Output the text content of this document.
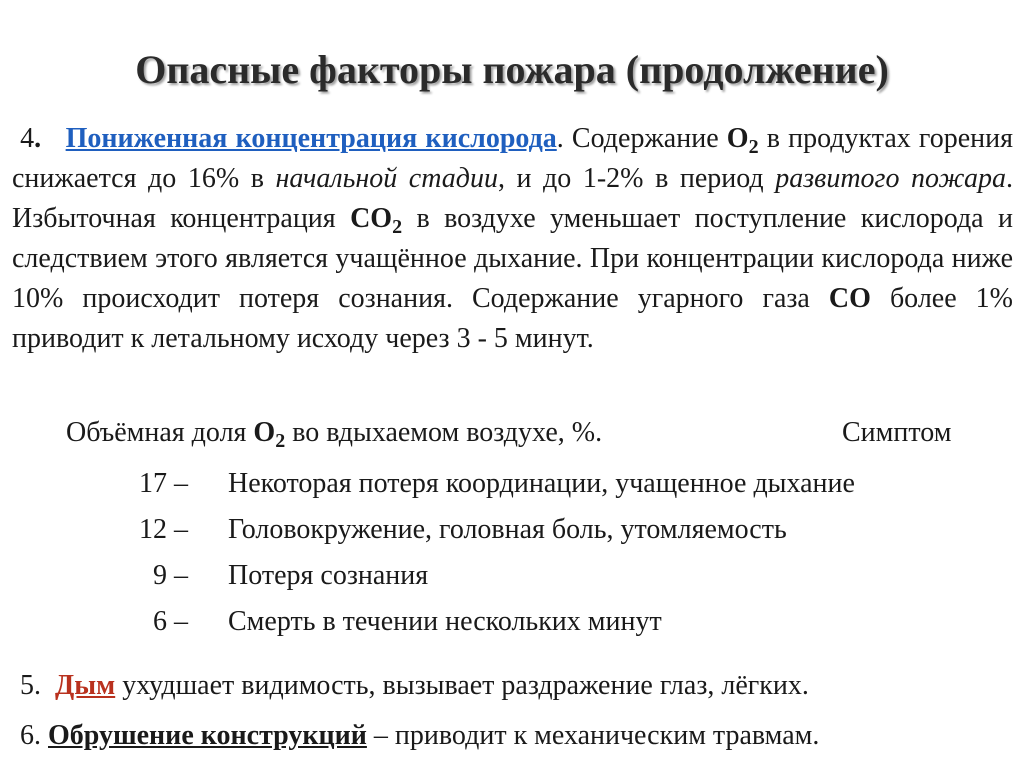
Опасные факторы пожара (продолжение)

4. Пониженная концентрация кислорода. Содержание $O_2$ в продуктах горения снижается до 16% в начальной стадии, и до 1-2% в период развитого пожара. Избыточная концентрация $CO_2$ в воздухе уменьшает поступление кислорода и следствием этого является учащённое дыхание. При концентрации кислорода ниже 10% происходит потеря сознания. Содержание угарного газа СО более 1% приводит к летальному исходу через 3 - 5 минут.

Объёмная доля $O_2$ во вдыхаемом воздухе, %.	Симптом
17 – Некоторая потеря координации, учащенное дыхание
12 – Головокружение, головная боль, утомляемость
9 – Потеря сознания
6 – Смерть в течении нескольких минут
5. Дым ухудшает видимость, вызывает раздражение глаз, лёгких.
6. Обрушение конструкций – приводит к механическим травмам.
